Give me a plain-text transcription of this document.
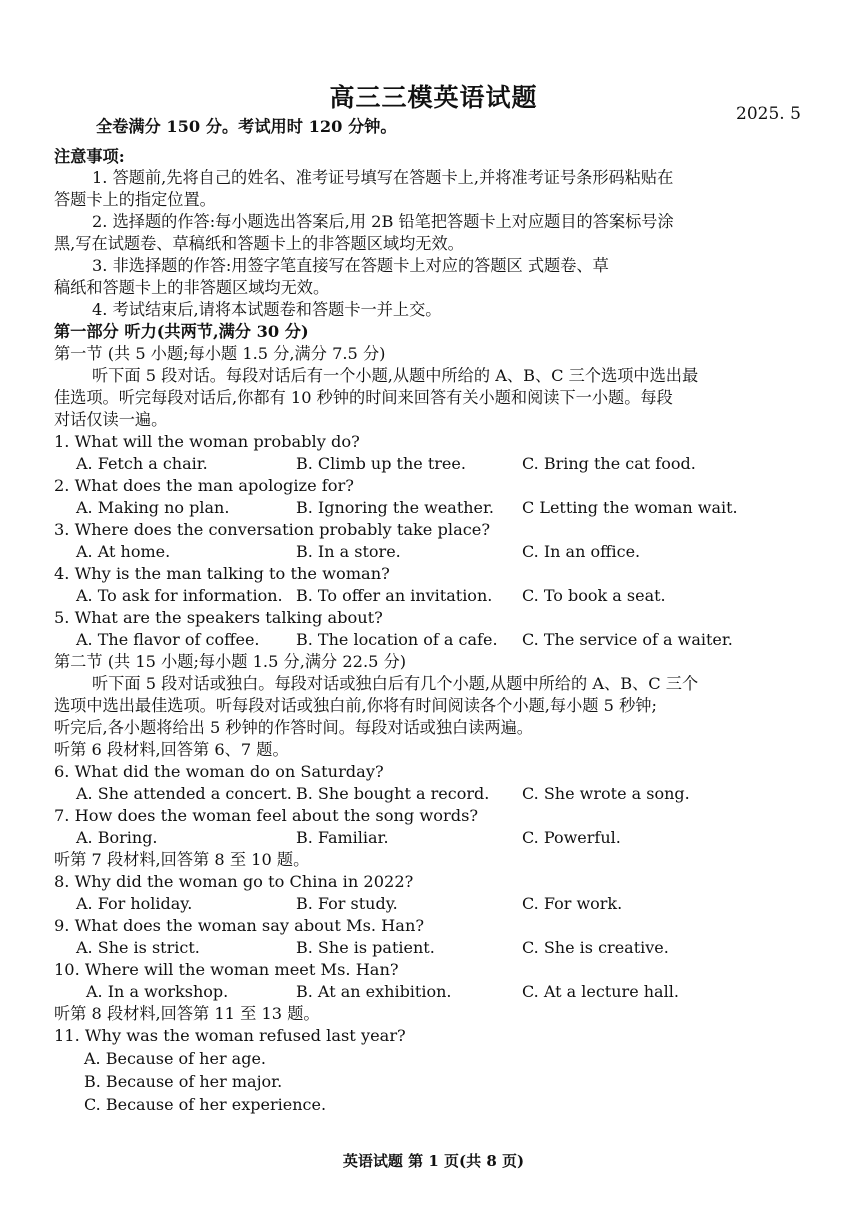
高三三模英语试题
2025. 5
全卷满分 150 分。考试用时 120 分钟。
注意事项:
1. 答题前,先将自己的姓名、准考证号填写在答题卡上,并将准考证号条形码粘贴在
答题卡上的指定位置。
2. 选择题的作答:每小题选出答案后,用 2B 铅笔把答题卡上对应题目的答案标号涂
黑,写在试题卷、草稿纸和答题卡上的非答题区域均无效。
3. 非选择题的作答:用签字笔直接写在答题卡上对应的答题区 式题卷、草
稿纸和答题卡上的非答题区域均无效。
4. 考试结束后,请将本试题卷和答题卡一并上交。
第一部分 听力(共两节,满分 30 分)
第一节 (共 5 小题;每小题 1.5 分,满分 7.5 分)
听下面 5 段对话。每段对话后有一个小题,从题中所给的 A、B、C 三个选项中选出最
佳选项。听完每段对话后,你都有 10 秒钟的时间来回答有关小题和阅读下一小题。每段
对话仅读一遍。
1. What will the woman probably do?
A. Fetch a chair.	B. Climb up the tree.	C. Bring the cat food.
2. What does the man apologize for?
A. Making no plan.	B. Ignoring the weather. C Letting the woman wait.
3. Where does the conversation probably take place?
A. At home.	B. In a store.	C. In an office.
4. Why is the man talking to the woman?
A. To ask for information. B. To offer an invitation. C. To book a seat.
5. What are the speakers talking about?
A. The flavor of coffee. B. The location of a cafe. C. The service of a waiter.
第二节 (共 15 小题;每小题 1.5 分,满分 22.5 分)
听下面 5 段对话或独白。每段对话或独白后有几个小题,从题中所给的 A、B、C 三个
选项中选出最佳选项。听每段对话或独白前,你将有时间阅读各个小题,每小题 5 秒钟;
听完后,各小题将给出 5 秒钟的作答时间。每段对话或独白读两遍。
听第 6 段材料,回答第 6、7 题。
6. What did the woman do on Saturday?
A. She attended a concert. B. She bought a record. C. She wrote a song.
7. How does the woman feel about the song words?
A. Boring.	B. Familiar.	C. Powerful.
听第 7 段材料,回答第 8 至 10 题。
8. Why did the woman go to China in 2022?
A. For holiday.	B. For study.	C. For work.
9. What does the woman say about Ms. Han?
A. She is strict.	B. She is patient.	C. She is creative.
10. Where will the woman meet Ms. Han?
A. In a workshop.	B. At an exhibition.	C. At a lecture hall.
听第 8 段材料,回答第 11 至 13 题。
11. Why was the woman refused last year?
A. Because of her age.
B. Because of her major.
C. Because of her experience.
英语试题 第 1 页(共 8 页)
